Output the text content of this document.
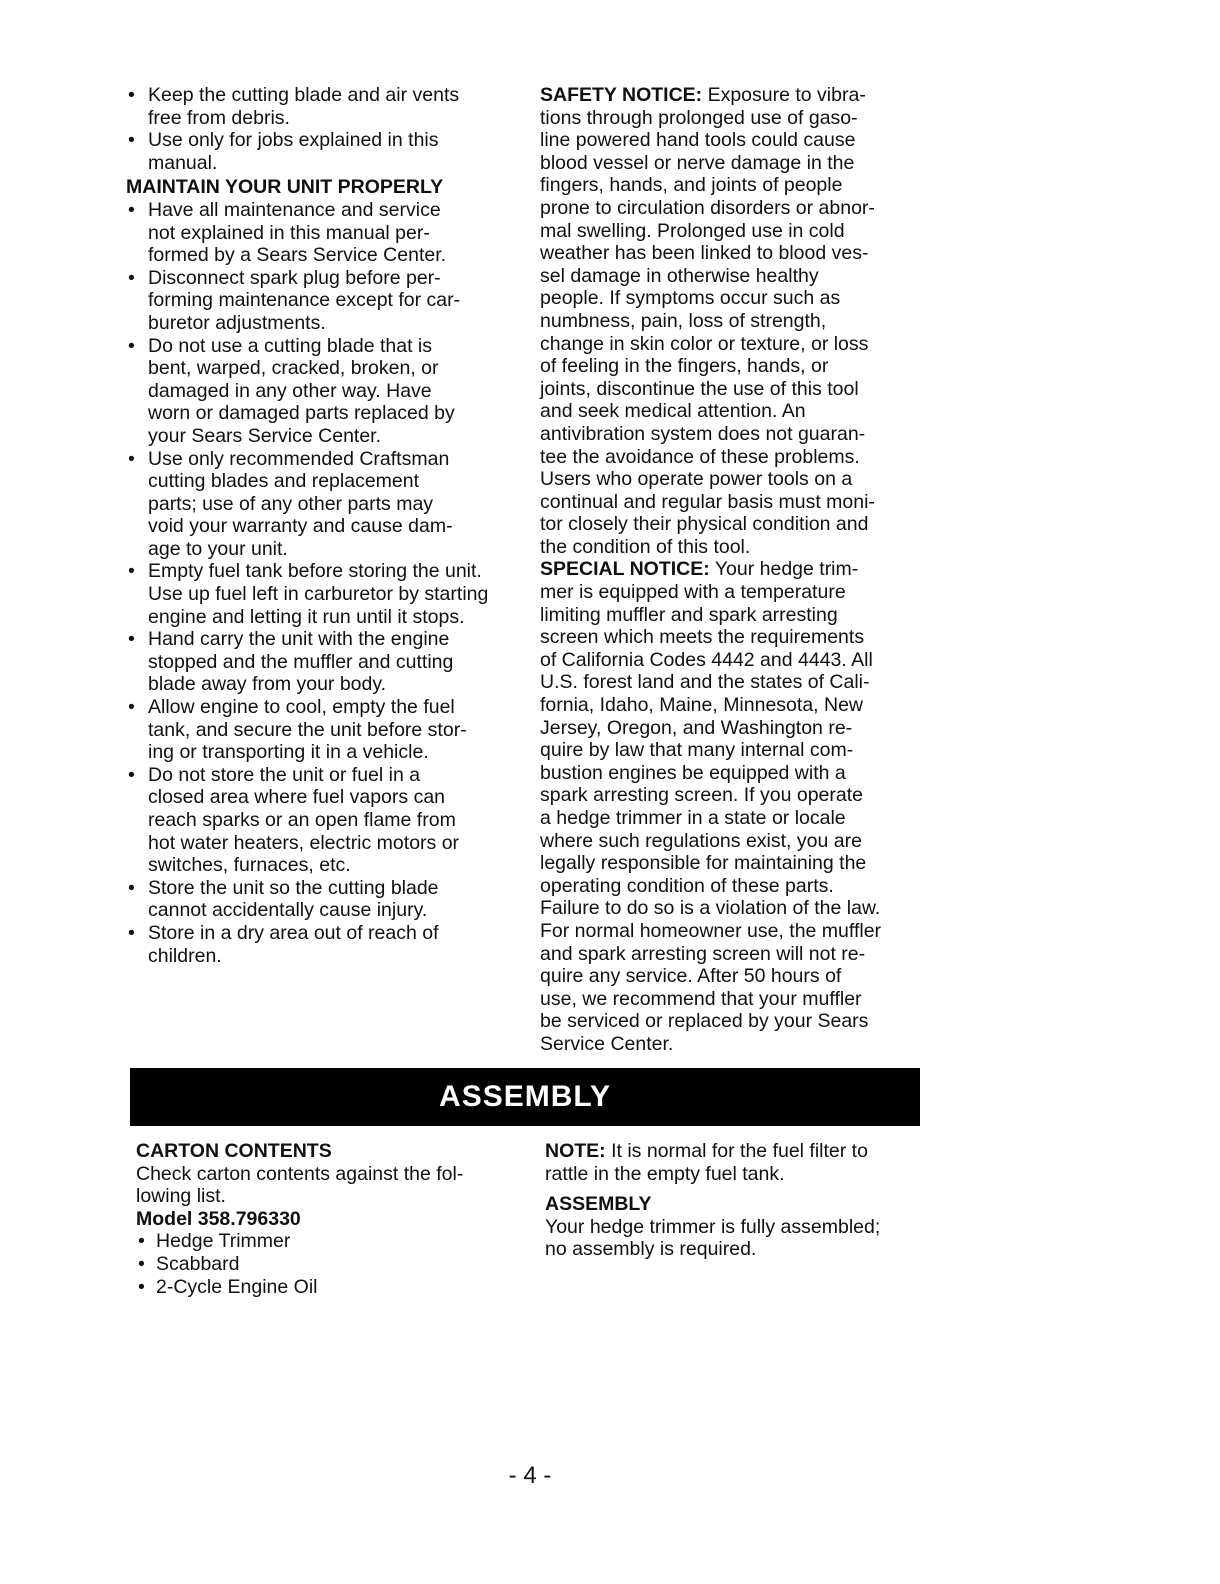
• Keep the cutting blade and air vents
free from debris.
• Use only for jobs explained in this
manual.
MAINTAIN YOUR UNIT PROPERLY
• Have all maintenance and service
not explained in this manual per-
formed by a Sears Service Center.
• Disconnect spark plug before per-
forming maintenance except for car-
buretor adjustments.
• Do not use a cutting blade that is
bent, warped, cracked, broken, or
damaged in any other way. Have
worn or damaged parts replaced by
your Sears Service Center.
• Use only recommended Craftsman
cutting blades and replacement
parts; use of any other parts may
void your warranty and cause dam-
age to your unit.
• Empty fuel tank before storing the unit.
Use up fuel left in carburetor by starting
engine and letting it run until it stops.
• Hand carry the unit with the engine
stopped and the muffler and cutting
blade away from your body.
• Allow engine to cool, empty the fuel
tank, and secure the unit before stor-
ing or transporting it in a vehicle.
• Do not store the unit or fuel in a
closed area where fuel vapors can
reach sparks or an open flame from
hot water heaters, electric motors or
switches, furnaces, etc.
• Store the unit so the cutting blade
cannot accidentally cause injury.
• Store in a dry area out of reach of
children.

SAFETY NOTICE: Exposure to vibra-
tions through prolonged use of gaso-
line powered hand tools could cause
blood vessel or nerve damage in the
fingers, hands, and joints of people
prone to circulation disorders or abnor-
mal swelling. Prolonged use in cold
weather has been linked to blood ves-
sel damage in otherwise healthy
people. If symptoms occur such as
numbness, pain, loss of strength,
change in skin color or texture, or loss
of feeling in the fingers, hands, or
joints, discontinue the use of this tool
and seek medical attention. An
antivibration system does not guaran-
tee the avoidance of these problems.
Users who operate power tools on a
continual and regular basis must moni-
tor closely their physical condition and
the condition of this tool.

SPECIAL NOTICE: Your hedge trim-
mer is equipped with a temperature
limiting muffler and spark arresting
screen which meets the requirements
of California Codes 4442 and 4443. All
U.S. forest land and the states of Cali-
fornia, Idaho, Maine, Minnesota, New
Jersey, Oregon, and Washington re-
quire by law that many internal com-
bustion engines be equipped with a
spark arresting screen. If you operate
a hedge trimmer in a state or locale
where such regulations exist, you are
legally responsible for maintaining the
operating condition of these parts.
Failure to do so is a violation of the law.
For normal homeowner use, the muffler
and spark arresting screen will not re-
quire any service. After 50 hours of
use, we recommend that your muffler
be serviced or replaced by your Sears
Service Center.

ASSEMBLY
CARTON CONTENTS
Check carton contents against the fol-
lowing list.
Model 358.796330
• Hedge Trimmer
• Scabbard
• 2-Cycle Engine Oil

NOTE: It is normal for the fuel filter to
rattle in the empty fuel tank.

ASSEMBLY
Your hedge trimmer is fully assembled;
no assembly is required.
- 4 -
